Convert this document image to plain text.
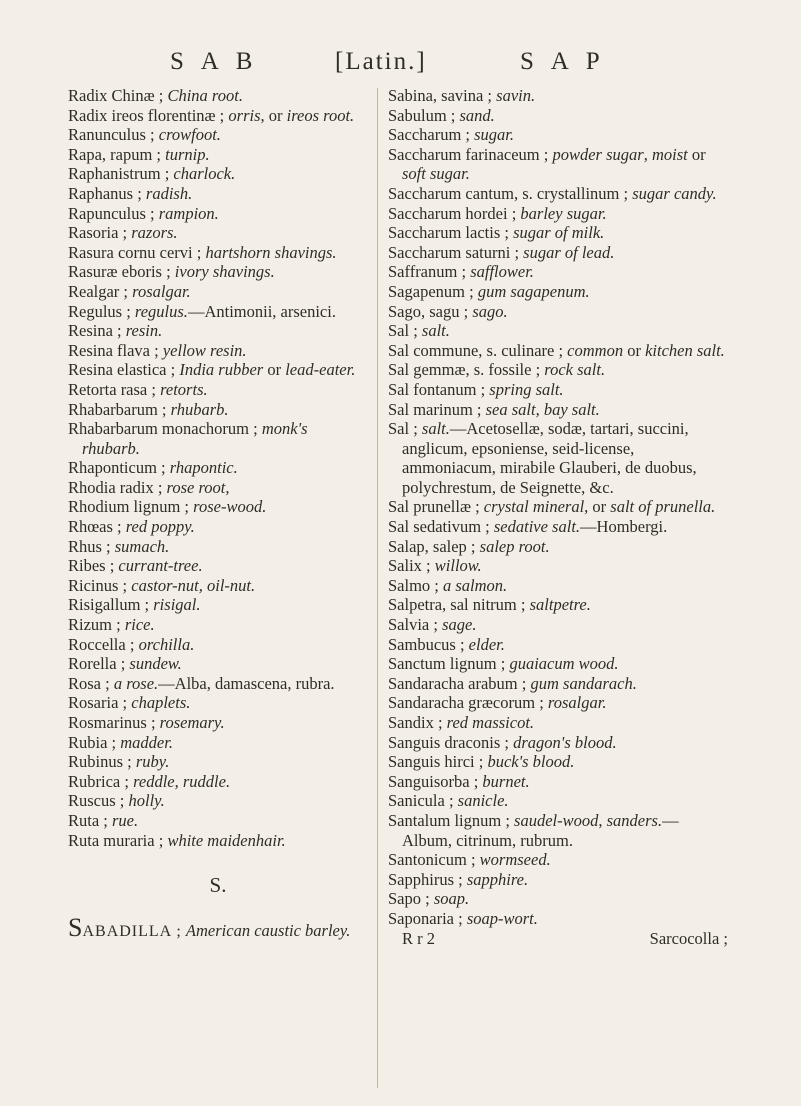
S A B	[Latin.]	S A P

Radix Chinæ ; China root.

Radix ireos florentinæ ; orris, or ireos root.

Ranunculus ; crowfoot.

Rapa, rapum ; turnip.

Raphanistrum ; charlock.

Raphanus ; radish.

Rapunculus ; rampion.

Rasoria ; razors.

Rasura cornu cervi ; hartshorn shavings.

Rasuræ eboris ; ivory shavings.

Realgar ; rosalgar.

Regulus ; regulus.—Antimonii, arsenici.

Resina ; resin.

Resina flava ; yellow resin.

Resina elastica ; India rubber or lead-eater.

Retorta rasa ; retorts.

Rhabarbarum ; rhubarb.

Rhabarbarum monachorum ; monk's rhubarb.

Rhaponticum ; rhapontic.

Rhodia radix ; rose root,

Rhodium lignum ; rose-wood.

Rhœas ; red poppy.

Rhus ; sumach.

Ribes ; currant-tree.

Ricinus ; castor-nut, oil-nut.

Risigallum ; risigal.

Rizum ; rice.

Roccella ; orchilla.

Rorella ; sundew.

Rosa ; a rose.—Alba, damascena, rubra.

Rosaria ; chaplets.

Rosmarinus ; rosemary.

Rubia ; madder.

Rubinus ; ruby.

Rubrica ; reddle, ruddle.

Ruscus ; holly.

Ruta ; rue.

Ruta muraria ; white maidenhair.

S.

SABADILLA ; American caustic barley.

Sabina, savina ; savin.

Sabulum ; sand.

Saccharum ; sugar.

Saccharum farinaceum ; powder sugar, moist or soft sugar.

Saccharum cantum, s. crystallinum ; sugar candy.

Saccharum hordei ; barley sugar.

Saccharum lactis ; sugar of milk.

Saccharum saturni ; sugar of lead.

Saffranum ; safflower.

Sagapenum ; gum sagapenum.

Sago, sagu ; sago.

Sal ; salt.

Sal commune, s. culinare ; common or kitchen salt.

Sal gemmæ, s. fossile ; rock salt.

Sal fontanum ; spring salt.

Sal marinum ; sea salt, bay salt.

Sal ; salt.—Acetosellæ, sodæ, tartari, succini, anglicum, epsoniense, seid-license, ammoniacum, mirabile Glauberi, de duobus, polychrestum, de Seignette, &c.

Sal prunellæ ; crystal mineral, or salt of prunella.

Sal sedativum ; sedative salt.—Hombergi.

Salap, salep ; salep root.

Salix ; willow.

Salmo ; a salmon.

Salpetra, sal nitrum ; saltpetre.

Salvia ; sage.

Sambucus ; elder.

Sanctum lignum ; guaiacum wood.

Sandaracha arabum ; gum sandarach.

Sandaracha græcorum ; rosalgar.

Sandix ; red massicot.

Sanguis draconis ; dragon's blood.

Sanguis hirci ; buck's blood.

Sanguisorba ; burnet.

Sanicula ; sanicle.

Santalum lignum ; saudel-wood, sanders.—Album, citrinum, rubrum.

Santonicum ; wormseed.

Sapphirus ; sapphire.

Sapo ; soap.

Saponaria ; soap-wort.

R r 2	Sarcocolla ;
